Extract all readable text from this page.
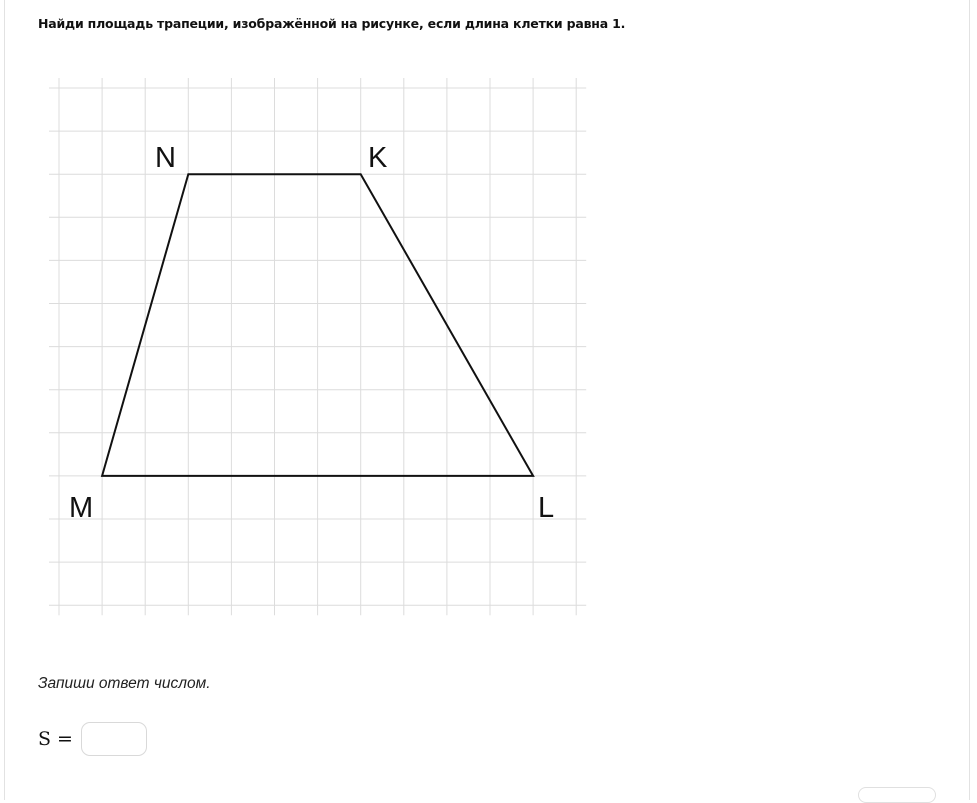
Найди площадь трапеции, изображённой на рисунке, если длина клетки равна 1.
N	K
L
M
Запиши ответ числом.
S =
